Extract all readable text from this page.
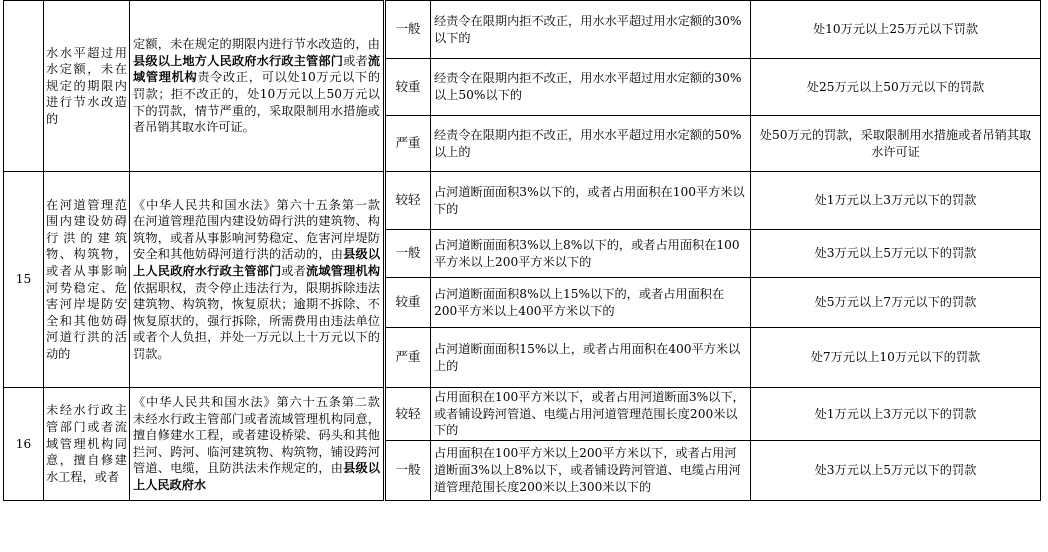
	水水平超过用水定额，未在规定的期限内进行节水改造的	定额，未在规定的期限内进行节水改造的，由县级以上地方人民政府水行政主管部门或者流域管理机构责令改正，可以处10万元以下的罚款；拒不改正的，处10万元以上50万元以下的罚款，情节严重的，采取限制用水措施或者吊销其取水许可证。	一般	经责令在限期内拒不改正，用水水平超过用水定额的30%以下的	处10万元以上25万元以下罚款
			较重	经责令在限期内拒不改正，用水水平超过用水定额的30%以上50%以下的	处25万元以上50万元以下的罚款
			严重	经责令在限期内拒不改正，用水水平超过用水定额的50%以上的	处50万元的罚款，采取限制用水措施或者吊销其取水许可证
15	在河道管理范围内建设妨碍行洪的建筑物、构筑物，或者从事影响河势稳定、危害河岸堤防安全和其他妨碍河道行洪的活动的	《中华人民共和国水法》第六十五条第一款 在河道管理范围内建设妨碍行洪的建筑物、构筑物，或者从事影响河势稳定、危害河岸堤防安全和其他妨碍河道行洪的活动的，由县级以上人民政府水行政主管部门或者流域管理机构依据职权，责令停止违法行为，限期拆除违法建筑物、构筑物，恢复原状；逾期不拆除、不恢复原状的，强行拆除，所需费用由违法单位或者个人负担，并处一万元以上十万元以下的罚款。	较轻	占河道断面面积3%以下的，或者占用面积在100平方米以下的	处1万元以上3万元以下的罚款
			一般	占河道断面面积3%以上8%以下的，或者占用面积在100平方米以上200平方米以下的	处3万元以上5万元以下的罚款
			较重	占河道断面面积8%以上15%以下的，或者占用面积在200平方米以上400平方米以下的	处5万元以上7万元以下的罚款
			严重	占河道断面面积15%以上，或者占用面积在400平方米以上的	处7万元以上10万元以下的罚款
16	未经水行政主管部门或者流域管理机构同意，擅自修建水工程，或者	《中华人民共和国水法》第六十五条第二款 未经水行政主管部门或者流域管理机构同意，擅自修建水工程，或者建设桥梁、码头和其他拦河、跨河、临河建筑物、构筑物，铺设跨河管道、电缆，且防洪法未作规定的，由县级以上人民政府水	较轻	占用面积在100平方米以下，或者占用河道断面3%以下，或者铺设跨河管道、电缆占用河道管理范围长度200米以下的	处1万元以上3万元以下的罚款
			一般	占用面积在100平方米以上200平方米以下，或者占用河道断面3%以上8%以下，或者铺设跨河管道、电缆占用河道管理范围长度200米以上300米以下的	处3万元以上5万元以下的罚款
